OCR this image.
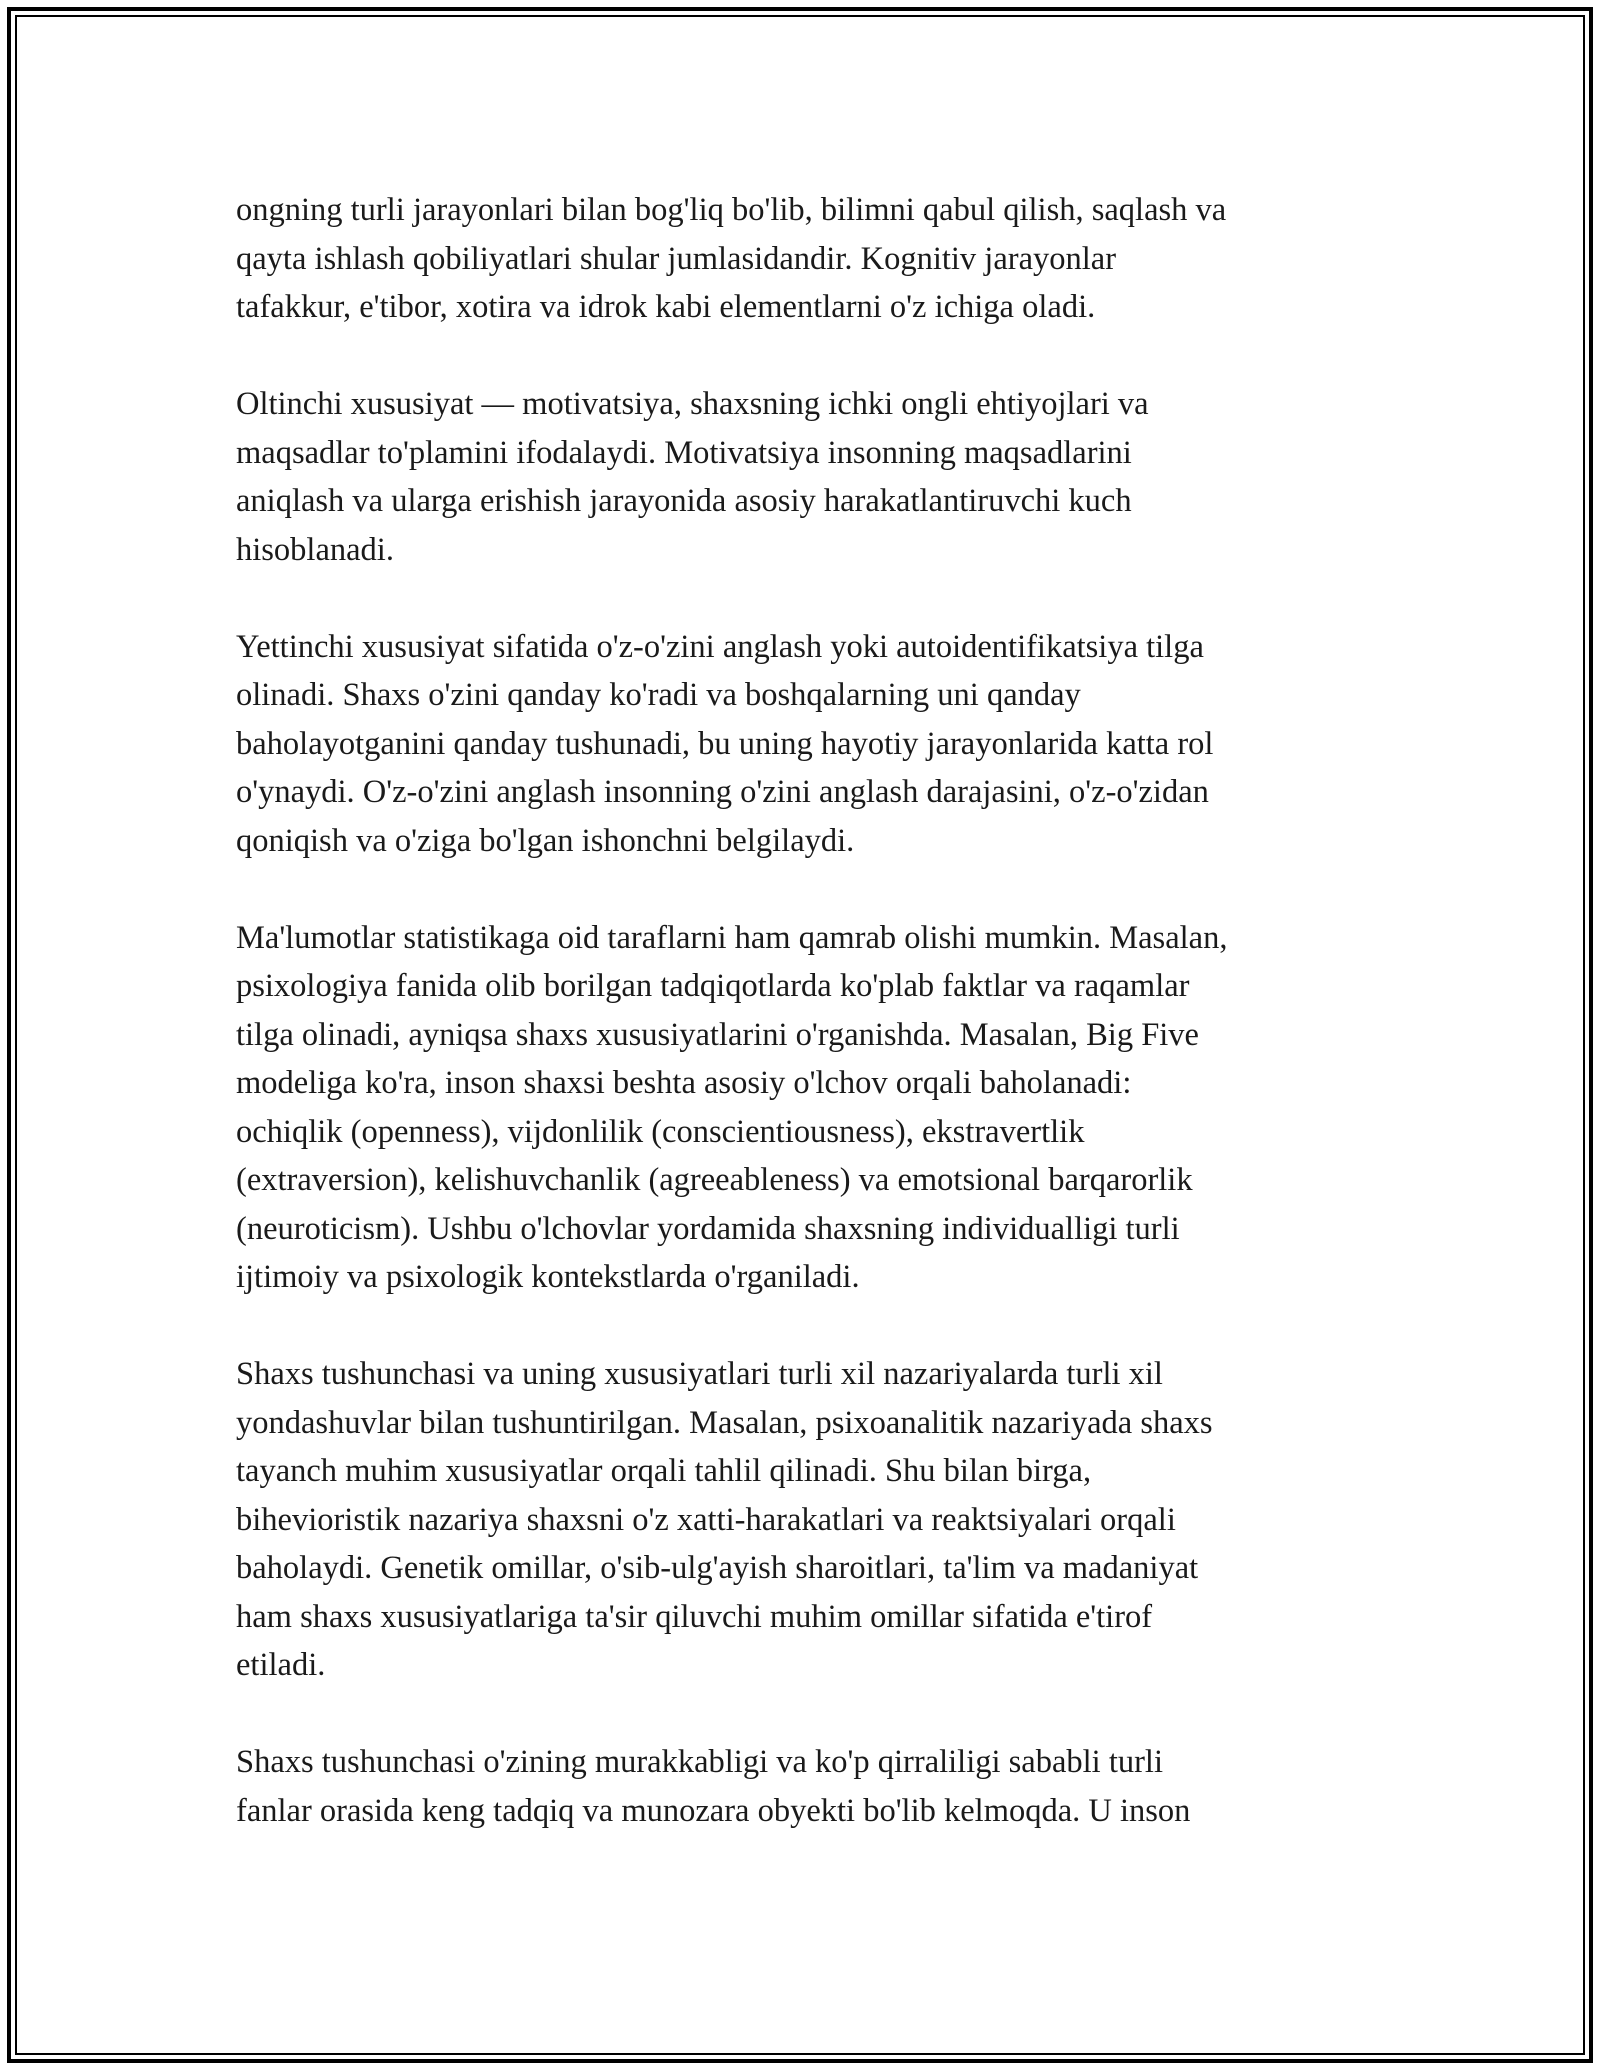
ongning turli jarayonlari bilan bog'liq bo'lib, bilimni qabul qilish, saqlash va
qayta ishlash qobiliyatlari shular jumlasidandir. Kognitiv jarayonlar
tafakkur, e'tibor, xotira va idrok kabi elementlarni o'z ichiga oladi.

Oltinchi xususiyat — motivatsiya, shaxsning ichki ongli ehtiyojlari va
maqsadlar to'plamini ifodalaydi. Motivatsiya insonning maqsadlarini
aniqlash va ularga erishish jarayonida asosiy harakatlantiruvchi kuch
hisoblanadi.

Yettinchi xususiyat sifatida o'z-o'zini anglash yoki autoidentifikatsiya tilga
olinadi. Shaxs o'zini qanday ko'radi va boshqalarning uni qanday
baholayotganini qanday tushunadi, bu uning hayotiy jarayonlarida katta rol
o'ynaydi. O'z-o'zini anglash insonning o'zini anglash darajasini, o'z-o'zidan
qoniqish va o'ziga bo'lgan ishonchni belgilaydi.

Ma'lumotlar statistikaga oid taraflarni ham qamrab olishi mumkin. Masalan,
psixologiya fanida olib borilgan tadqiqotlarda ko'plab faktlar va raqamlar
tilga olinadi, ayniqsa shaxs xususiyatlarini o'rganishda. Masalan, Big Five
modeliga ko'ra, inson shaxsi beshta asosiy o'lchov orqali baholanadi:
ochiqlik (openness), vijdonlilik (conscientiousness), ekstravertlik
(extraversion), kelishuvchanlik (agreeableness) va emotsional barqarorlik
(neuroticism). Ushbu o'lchovlar yordamida shaxsning individualligi turli
ijtimoiy va psixologik kontekstlarda o'rganiladi.

Shaxs tushunchasi va uning xususiyatlari turli xil nazariyalarda turli xil
yondashuvlar bilan tushuntirilgan. Masalan, psixoanalitik nazariyada shaxs
tayanch muhim xususiyatlar orqali tahlil qilinadi. Shu bilan birga,
bihevioristik nazariya shaxsni o'z xatti-harakatlari va reaktsiyalari orqali
baholaydi. Genetik omillar, o'sib-ulg'ayish sharoitlari, ta'lim va madaniyat
ham shaxs xususiyatlariga ta'sir qiluvchi muhim omillar sifatida e'tirof
etiladi.

Shaxs tushunchasi o'zining murakkabligi va ko'p qirraliligi sababli turli
fanlar orasida keng tadqiq va munozara obyekti bo'lib kelmoqda. U inson
